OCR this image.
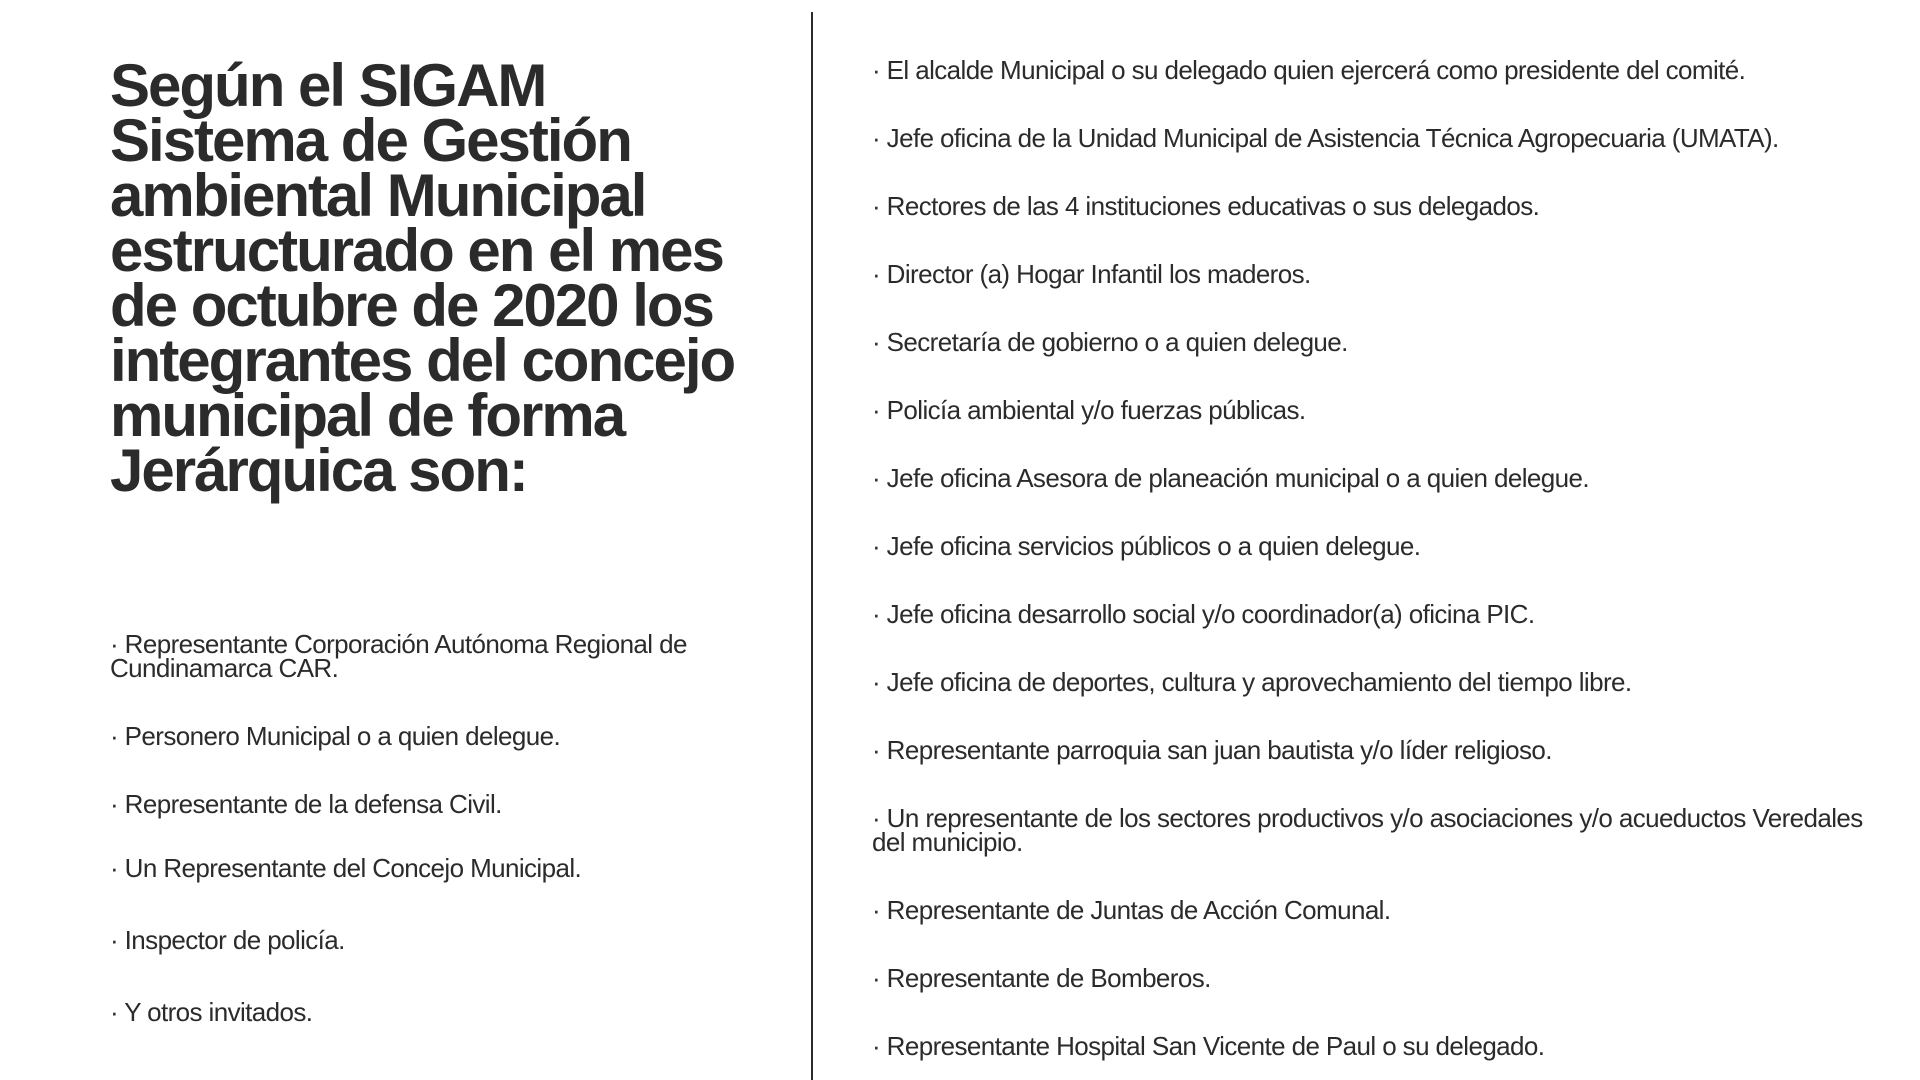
Según el SIGAM Sistema de Gestión ambiental Municipal estructurado en el mes de octubre de 2020 los integrantes del concejo municipal de forma Jerárquica son:
· Representante Corporación Autónoma Regional de Cundinamarca CAR.
· Personero Municipal o a quien delegue.
· Representante de la defensa Civil.
· Un Representante del Concejo Municipal.
· Inspector de policía.
· Y otros invitados.
· El alcalde Municipal o su delegado quien ejercerá como presidente del comité.
· Jefe oficina de la Unidad Municipal de Asistencia Técnica Agropecuaria (UMATA).
· Rectores de las 4 instituciones educativas o sus delegados.
· Director (a) Hogar Infantil los maderos.
· Secretaría de gobierno o a quien delegue.
· Policía ambiental y/o fuerzas públicas.
· Jefe oficina Asesora de planeación municipal o a quien delegue.
· Jefe oficina servicios públicos o a quien delegue.
· Jefe oficina desarrollo social y/o coordinador(a) oficina PIC.
· Jefe oficina de deportes, cultura y aprovechamiento del tiempo libre.
· Representante parroquia san juan bautista y/o líder religioso.
· Un representante de los sectores productivos y/o asociaciones y/o acueductos Veredales del municipio.
· Representante de Juntas de Acción Comunal.
· Representante de Bomberos.
· Representante Hospital San Vicente de Paul o su delegado.
